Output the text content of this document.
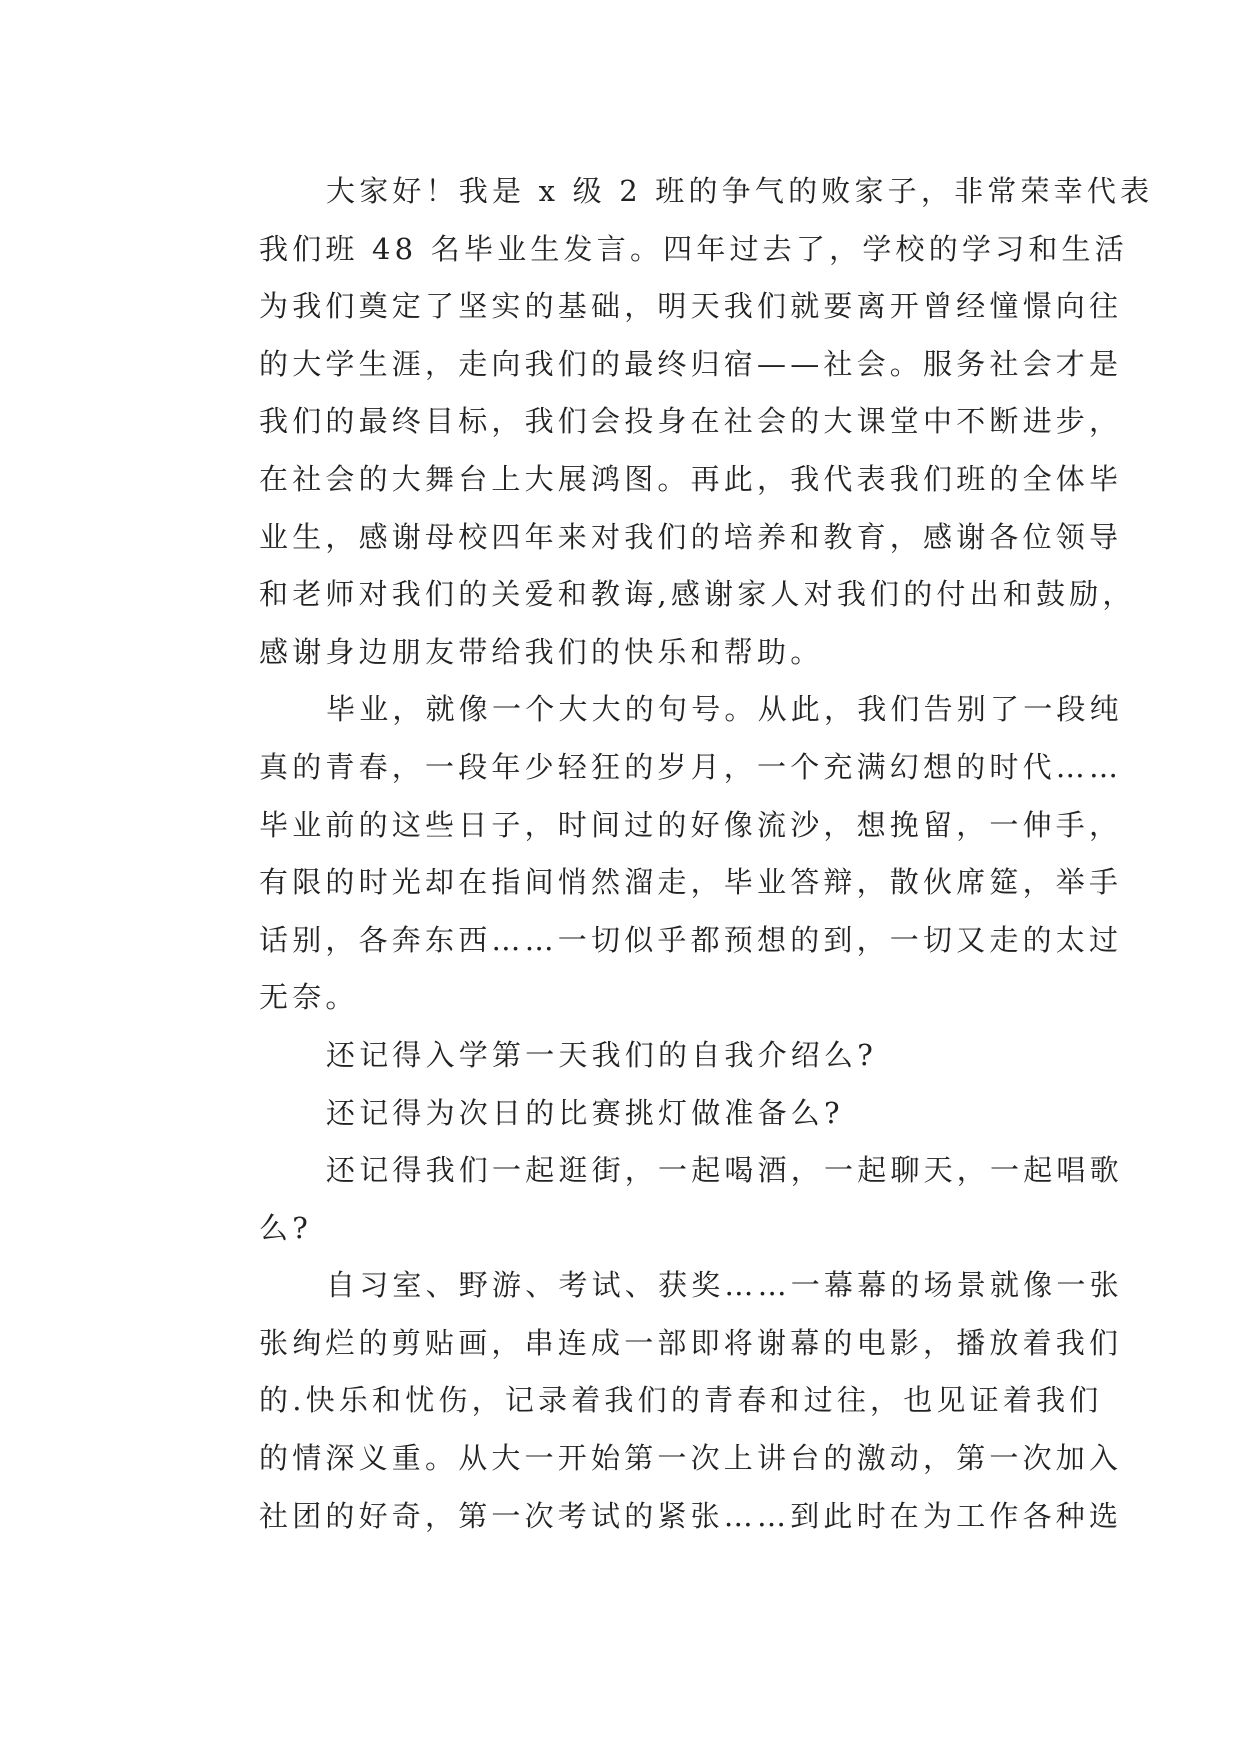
大家好！我是 x 级 2 班的争气的败家子，非常荣幸代表
我们班 48 名毕业生发言。四年过去了，学校的学习和生活
为我们奠定了坚实的基础，明天我们就要离开曾经憧憬向往
的大学生涯，走向我们的最终归宿——社会。服务社会才是
我们的最终目标，我们会投身在社会的大课堂中不断进步，
在社会的大舞台上大展鸿图。再此，我代表我们班的全体毕
业生，感谢母校四年来对我们的培养和教育，感谢各位领导
和老师对我们的关爱和教诲,感谢家人对我们的付出和鼓励，
感谢身边朋友带给我们的快乐和帮助。
毕业，就像一个大大的句号。从此，我们告别了一段纯
真的青春，一段年少轻狂的岁月，一个充满幻想的时代……
毕业前的这些日子，时间过的好像流沙，想挽留，一伸手，
有限的时光却在指间悄然溜走，毕业答辩，散伙席筵，举手
话别，各奔东西……一切似乎都预想的到，一切又走的太过
无奈。
还记得入学第一天我们的自我介绍么?
还记得为次日的比赛挑灯做准备么?
还记得我们一起逛街，一起喝酒，一起聊天，一起唱歌
么?
自习室、野游、考试、获奖……一幕幕的场景就像一张
张绚烂的剪贴画，串连成一部即将谢幕的电影，播放着我们
的.快乐和忧伤，记录着我们的青春和过往，也见证着我们
的情深义重。从大一开始第一次上讲台的激动，第一次加入
社团的好奇，第一次考试的紧张……到此时在为工作各种选
